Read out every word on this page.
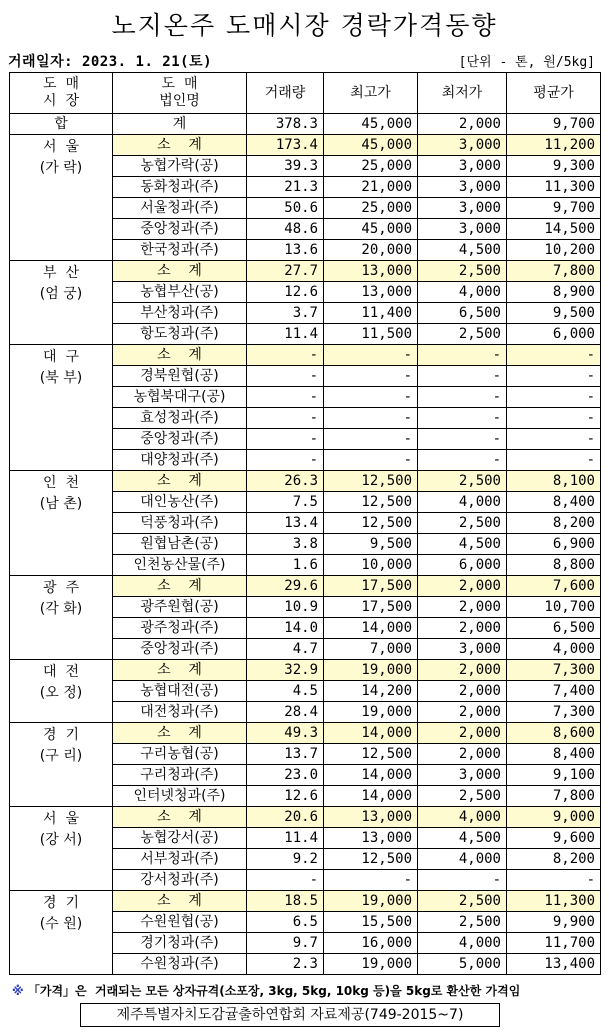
노지온주 도매시장 경락가격동향
거래일자: 2023. 1. 21(토)	[단위 - 톤, 원/5kg]
도  매
시  장	도  매
법인명	거래량	최고가	최저가	평균가
합	계	378.3	45,000	2,000	9,700

서  울
(가 락)	소    계	173.4	45,000	3,000	11,200
	농협가락(공)	39.3	25,000	3,000	9,300
	동화청과(주)	21.3	21,000	3,000	11,300
	서울청과(주)	50.6	25,000	3,000	9,700
	중앙청과(주)	48.6	45,000	3,000	14,500
	한국청과(주)	13.6	20,000	4,500	10,200

부  산
(엄 궁)	소    계	27.7	13,000	2,500	7,800
	농협부산(공)	12.6	13,000	4,000	8,900
	부산청과(주)	3.7	11,400	6,500	9,500
	항도청과(주)	11.4	11,500	2,500	6,000

대  구
(북 부)	소    계	-	-	-	-
	경북원협(공)	-	-	-	-
	농협북대구(공)	-	-	-	-
	효성청과(주)	-	-	-	-
	중앙청과(주)	-	-	-	-
	대양청과(주)	-	-	-	-

인  천
(남 촌)	소    계	26.3	12,500	2,500	8,100
	대인농산(주)	7.5	12,500	4,000	8,400
	덕풍청과(주)	13.4	12,500	2,500	8,200
	원협남촌(공)	3.8	9,500	4,500	6,900
	인천농산물(주)	1.6	10,000	6,000	8,800

광  주
(각 화)	소    계	29.6	17,500	2,000	7,600
	광주원협(공)	10.9	17,500	2,000	10,700
	광주청과(주)	14.0	14,000	2,000	6,500
	중앙청과(주)	4.7	7,000	3,000	4,000

대  전
(오 정)	소    계	32.9	19,000	2,000	7,300
	농협대전(공)	4.5	14,200	2,000	7,400
	대전청과(주)	28.4	19,000	2,000	7,300

경  기
(구 리)	소    계	49.3	14,000	2,000	8,600
	구리농협(공)	13.7	12,500	2,000	8,400
	구리청과(주)	23.0	14,000	3,000	9,100
	인터넷청과(주)	12.6	14,000	2,500	7,800

서  울
(강 서)	소    계	20.6	13,000	4,000	9,000
	농협강서(공)	11.4	13,000	4,500	9,600
	서부청과(주)	9.2	12,500	4,000	8,200
	강서청과(주)	-	-	-	-

경  기
(수 원)	소    계	18.5	19,000	2,500	11,300
	수원원협(공)	6.5	15,500	2,500	9,900
	경기청과(주)	9.7	16,000	4,000	11,700
	수원청과(주)	2.3	19,000	5,000	13,400
※ 「가격」은  거래되는 모든 상자규격(소포장, 3kg, 5kg, 10kg 등)을 5kg로 환산한 가격임
제주특별자치도감귤출하연합회 자료제공(749-2015~7)
